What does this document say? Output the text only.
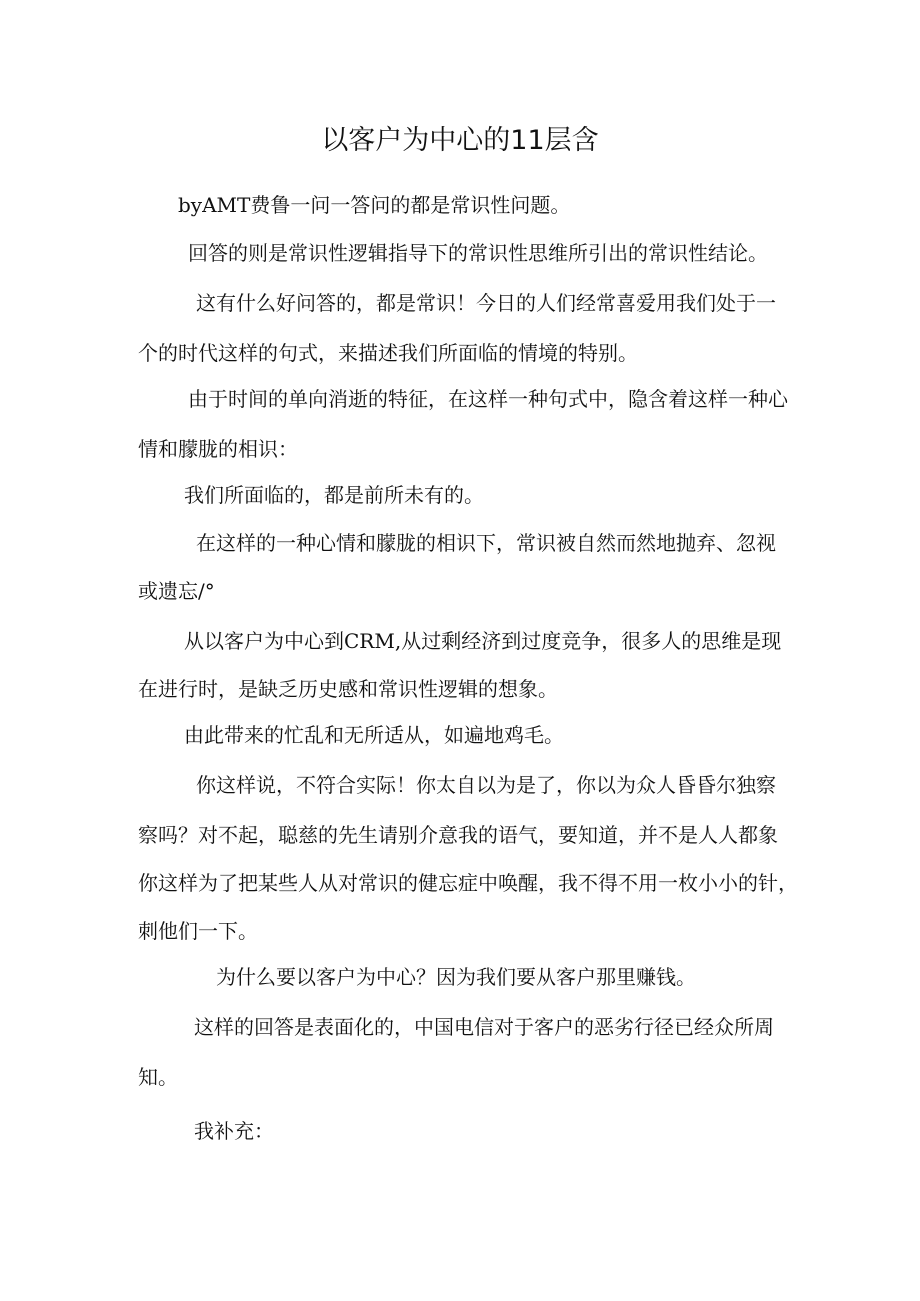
以客户为中心的11层含
byAMT费鲁一问一答问的都是常识性问题。
回答的则是常识性逻辑指导下的常识性思维所引出的常识性结论。
这有什么好问答的，都是常识！今日的人们经常喜爱用我们处于一
个的时代这样的句式，来描述我们所面临的情境的特别。
由于时间的单向消逝的特征，在这样一种句式中，隐含着这样一种心
情和朦胧的相识：
我们所面临的，都是前所未有的。
在这样的一种心情和朦胧的相识下，常识被自然而然地抛弃、忽视
或遗忘/°
从以客户为中心到CRM,从过剩经济到过度竞争，很多人的思维是现
在进行时，是缺乏历史感和常识性逻辑的想象。
由此带来的忙乱和无所适从，如遍地鸡毛。
你这样说，不符合实际！你太自以为是了，你以为众人昏昏尔独察
察吗？对不起，聪慈的先生请别介意我的语气，要知道，并不是人人都象
你这样为了把某些人从对常识的健忘症中唤醒，我不得不用一枚小小的针，
刺他们一下。
为什么要以客户为中心？因为我们要从客户那里赚钱。
这样的回答是表面化的，中国电信对于客户的恶劣行径已经众所周
知。
我补充：
